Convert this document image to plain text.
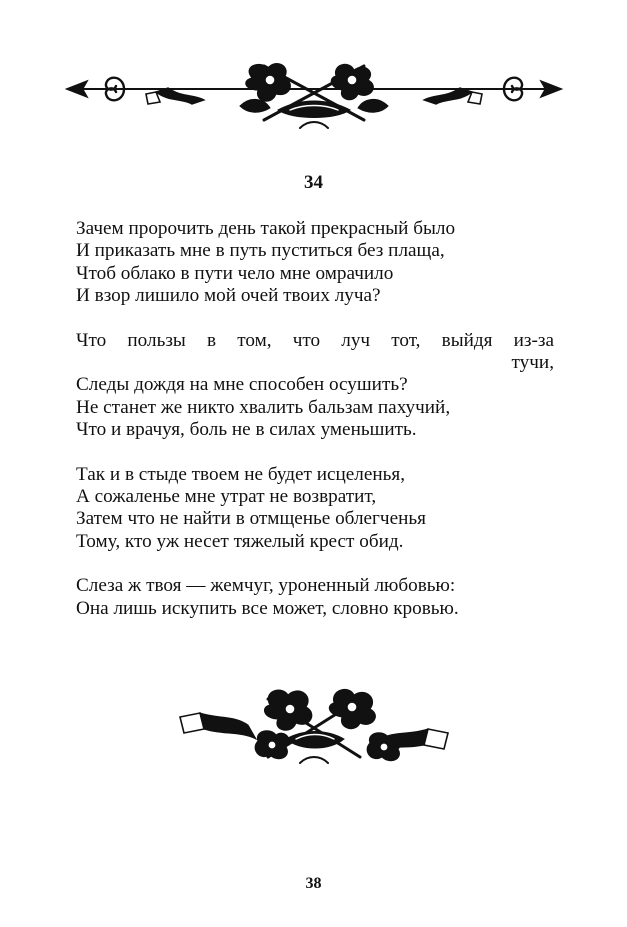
34

Зачем пророчить день такой прекрасный было
И приказать мне в путь пуститься без плаща,
Чтоб облако в пути чело мне омрачило
И взор лишило мой очей твоих луча?

Что пользы в том, что луч тот, выйдя из-за
тучи,
Следы дождя на мне способен осушить?
Не станет же никто хвалить бальзам пахучий,
Что и врачуя, боль не в силах уменьшить.

Так и в стыде твоем не будет исцеленья,
А сожаленье мне утрат не возвратит,
Затем что не найти в отмщенье облегченья
Тому, кто уж несет тяжелый крест обид.

Слеза ж твоя — жемчуг, уроненный любовью:
Она лишь искупить все может, словно кровью.

38
